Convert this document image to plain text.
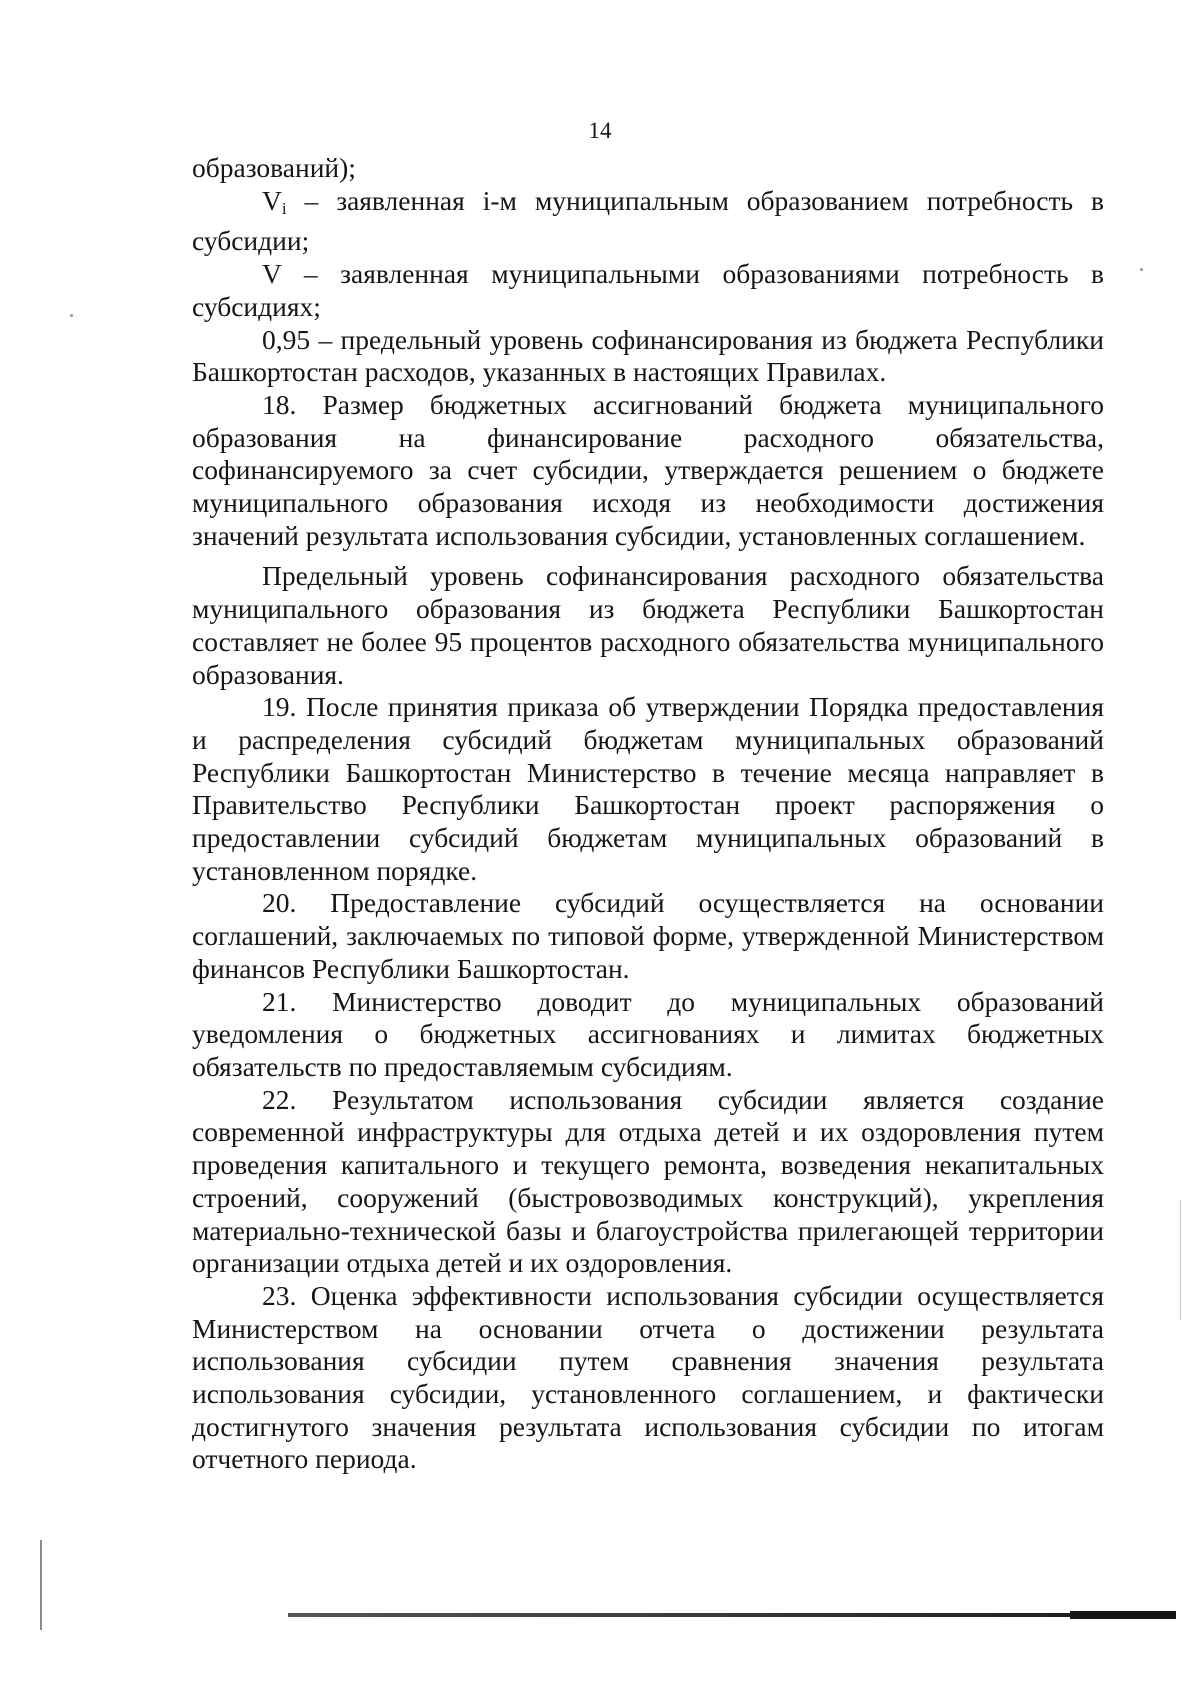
14

образований);

$V_i$ – заявленная i-м муниципальным образованием потребность в субсидии;

V – заявленная муниципальными образованиями потребность в субсидиях;

0,95 – предельный уровень софинансирования из бюджета Республики Башкортостан расходов, указанных в настоящих Правилах.

18. Размер бюджетных ассигнований бюджета муниципального образования на финансирование расходного обязательства, софинансируемого за счет субсидии, утверждается решением о бюджете муниципального образования исходя из необходимости достижения значений результата использования субсидии, установленных соглашением.

Предельный уровень софинансирования расходного обязательства муниципального образования из бюджета Республики Башкортостан составляет не более 95 процентов расходного обязательства муниципального образования.

19. После принятия приказа об утверждении Порядка предоставления и распределения субсидий бюджетам муниципальных образований Республики Башкортостан Министерство в течение месяца направляет в Правительство Республики Башкортостан проект распоряжения о предоставлении субсидий бюджетам муниципальных образований в установленном порядке.

20. Предоставление субсидий осуществляется на основании соглашений, заключаемых по типовой форме, утвержденной Министерством финансов Республики Башкортостан.

21. Министерство доводит до муниципальных образований уведомления о бюджетных ассигнованиях и лимитах бюджетных обязательств по предоставляемым субсидиям.

22. Результатом использования субсидии является создание современной инфраструктуры для отдыха детей и их оздоровления путем проведения капитального и текущего ремонта, возведения некапитальных строений, сооружений (быстровозводимых конструкций), укрепления материально-технической базы и благоустройства прилегающей территории организации отдыха детей и их оздоровления.

23. Оценка эффективности использования субсидии осуществляется Министерством на основании отчета о достижении результата использования субсидии путем сравнения значения результата использования субсидии, установленного соглашением, и фактически достигнутого значения результата использования субсидии по итогам отчетного периода.
